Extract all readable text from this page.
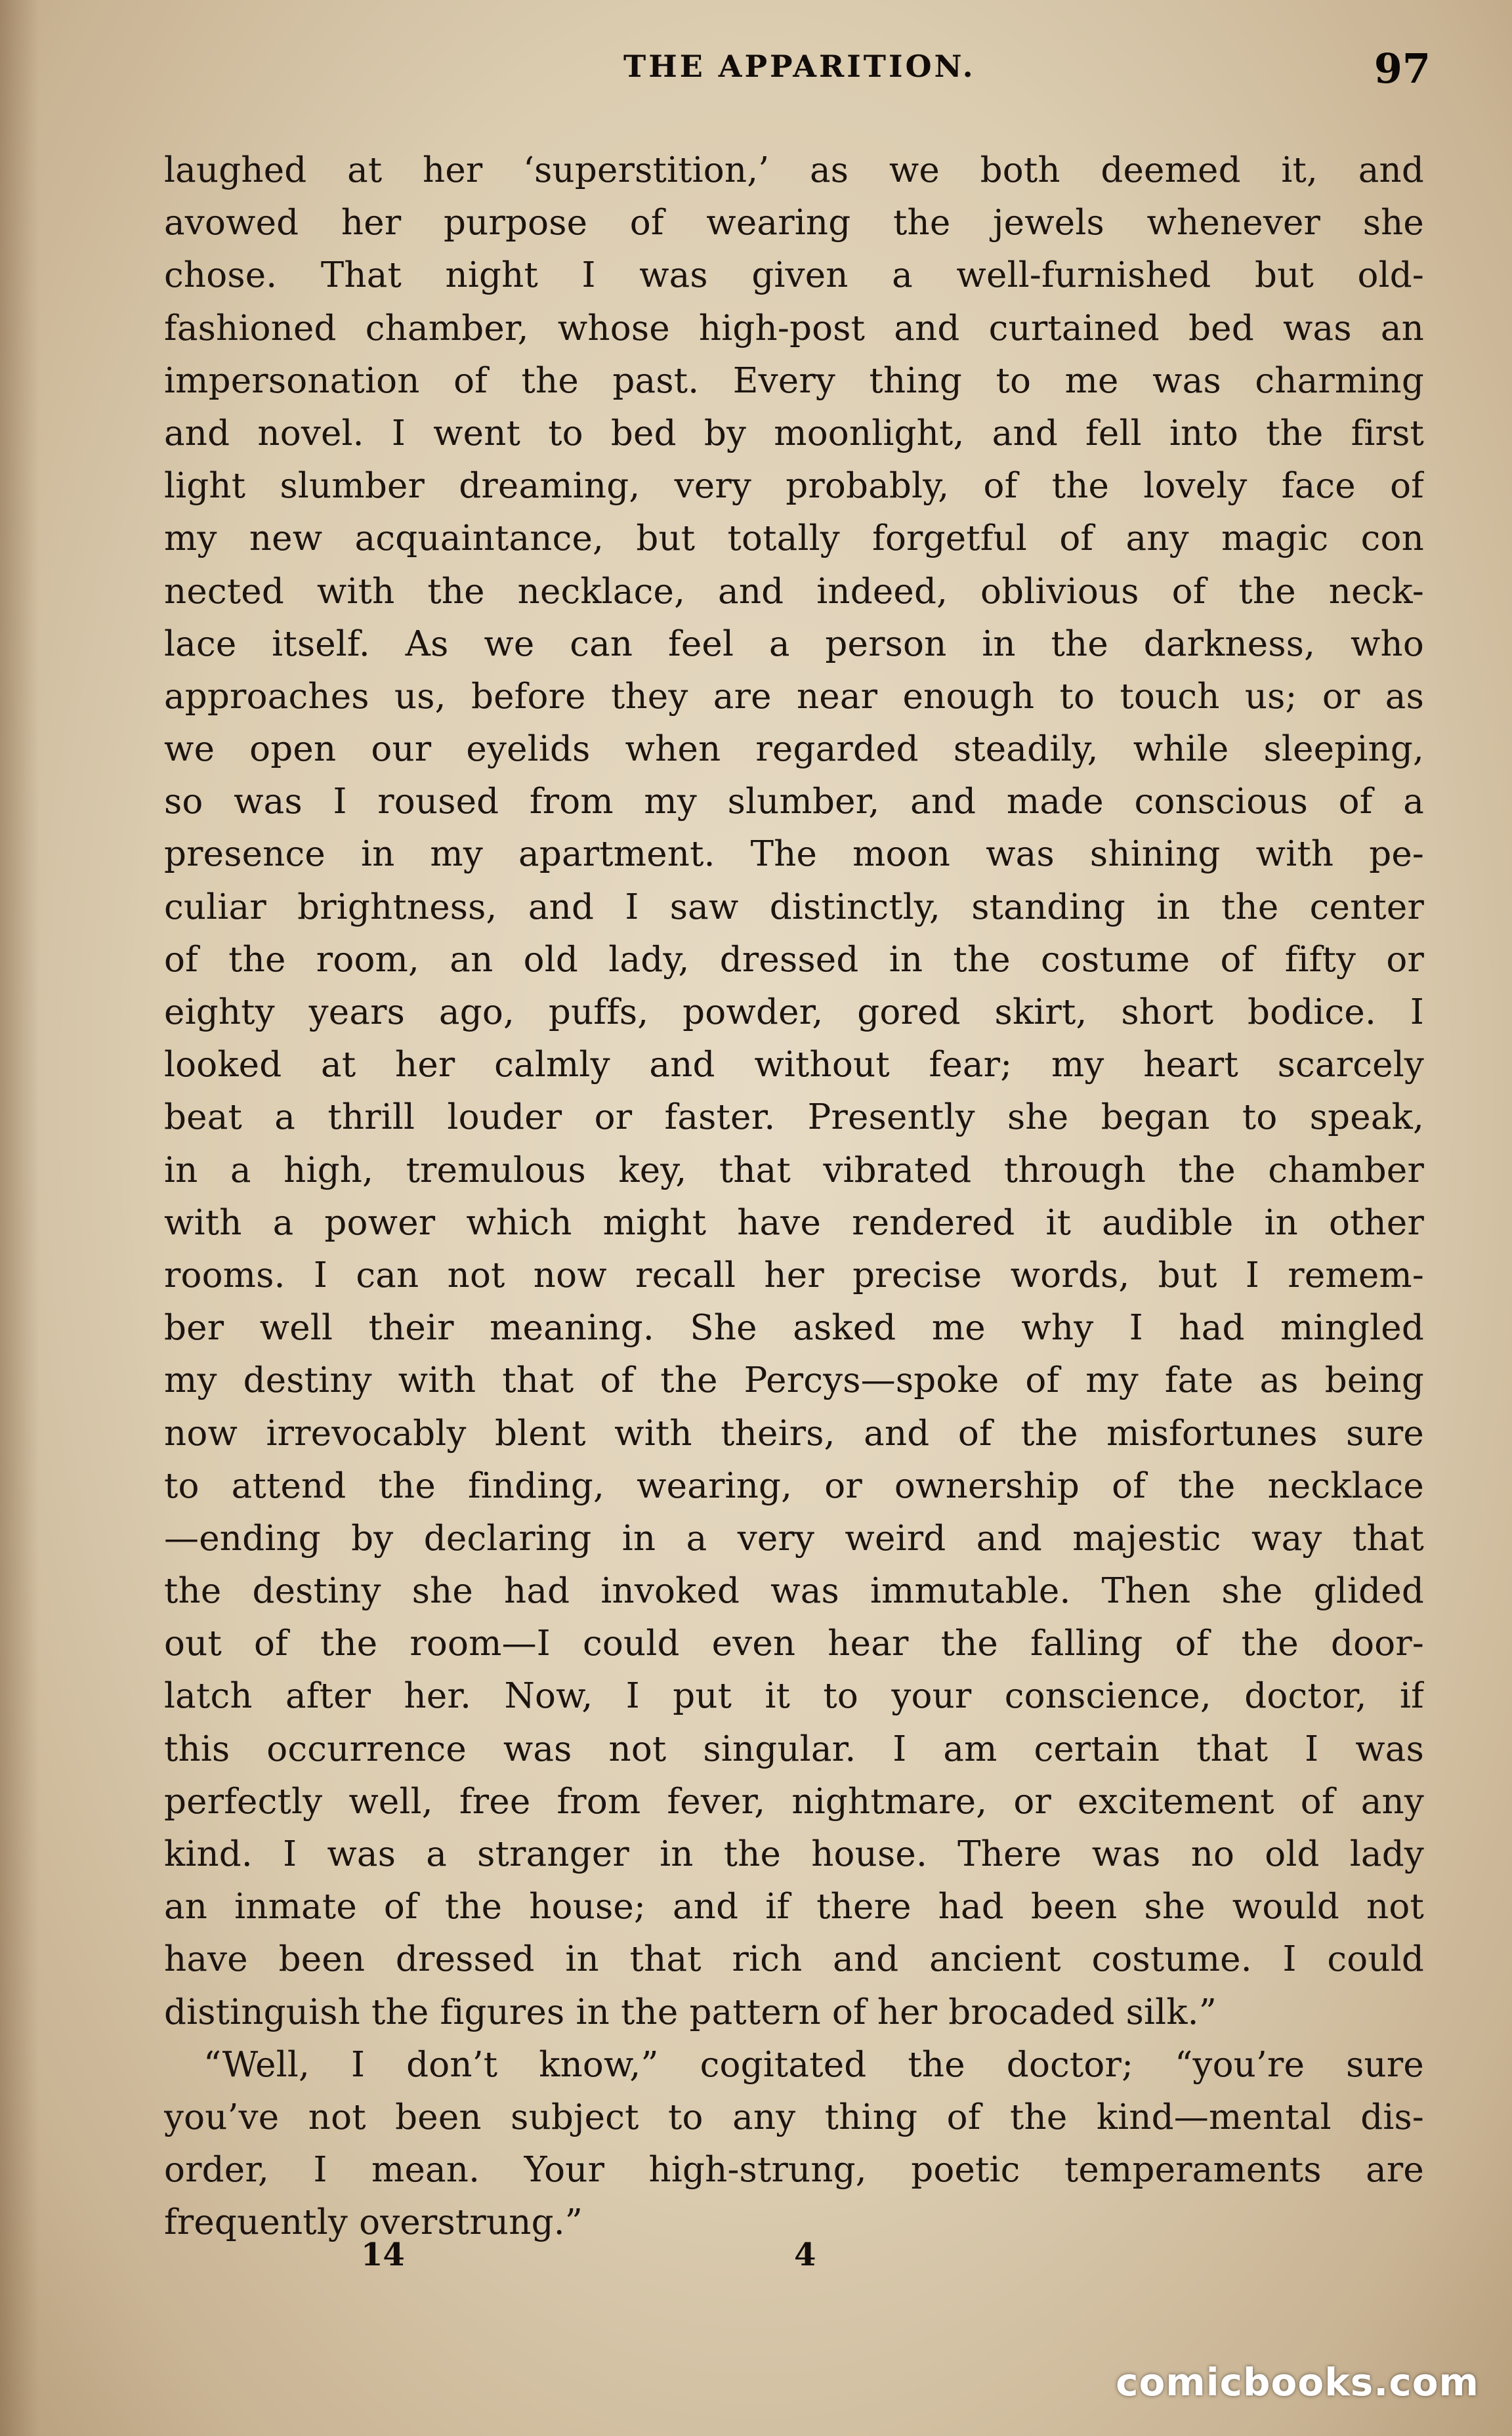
THE APPARITION.	97
laughed at her ‘superstition,’ as we both deemed it, and
avowed her purpose of wearing the jewels whenever she
chose. That night I was given a well-furnished but old-
fashioned chamber, whose high-post and curtained bed was an
impersonation of the past. Every thing to me was charming
and novel. I went to bed by moonlight, and fell into the first
light slumber dreaming, very probably, of the lovely face of
my new acquaintance, but totally forgetful of any magic con
nected with the necklace, and indeed, oblivious of the neck-
lace itself. As we can feel a person in the darkness, who
approaches us, before they are near enough to touch us; or as
we open our eyelids when regarded steadily, while sleeping,
so was I roused from my slumber, and made conscious of a
presence in my apartment. The moon was shining with pe-
culiar brightness, and I saw distinctly, standing in the center
of the room, an old lady, dressed in the costume of fifty or
eighty years ago, puffs, powder, gored skirt, short bodice. I
looked at her calmly and without fear; my heart scarcely
beat a thrill louder or faster. Presently she began to speak,
in a high, tremulous key, that vibrated through the chamber
with a power which might have rendered it audible in other
rooms. I can not now recall her precise words, but I remem-
ber well their meaning. She asked me why I had mingled
my destiny with that of the Percys—spoke of my fate as being
now irrevocably blent with theirs, and of the misfortunes sure
to attend the finding, wearing, or ownership of the necklace
—ending by declaring in a very weird and majestic way that
the destiny she had invoked was immutable. Then she glided
out of the room—I could even hear the falling of the door-
latch after her. Now, I put it to your conscience, doctor, if
this occurrence was not singular. I am certain that I was
perfectly well, free from fever, nightmare, or excitement of any
kind. I was a stranger in the house. There was no old lady
an inmate of the house; and if there had been she would not
have been dressed in that rich and ancient costume. I could
distinguish the figures in the pattern of her brocaded silk.”
“Well, I don’t know,” cogitated the doctor; “you’re sure
you’ve not been subject to any thing of the kind—mental dis-
order, I mean. Your high-strung, poetic temperaments are
frequently overstrung.”
14	4
comicbooks.com
